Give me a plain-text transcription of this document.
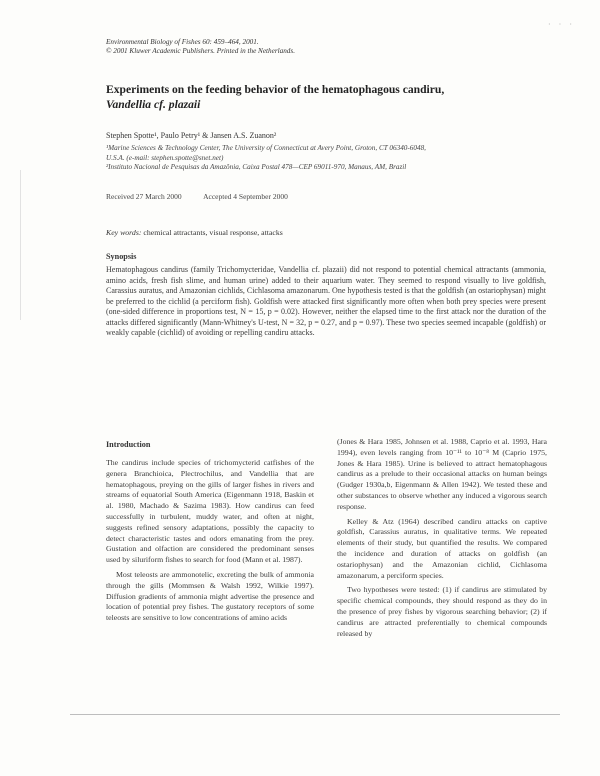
· · ·
Environmental Biology of Fishes 60: 459–464, 2001.
© 2001 Kluwer Academic Publishers. Printed in the Netherlands.
Experiments on the feeding behavior of the hematophagous candiru,
Vandellia cf. plazaii
Stephen Spotte¹, Paulo Petry¹ & Jansen A.S. Zuanon²
¹Marine Sciences & Technology Center, The University of Connecticut at Avery Point, Groton, CT 06340-6048,
U.S.A. (e-mail: stephen.spotte@snet.net)
²Instituto Nacional de Pesquisas da Amazônia, Caixa Postal 478—CEP 69011-970, Manaus, AM, Brazil
Received 27 March 2000	Accepted 4 September 2000
Key words: chemical attractants, visual response, attacks
Synopsis
Hematophagous candirus (family Trichomycteridae, Vandellia cf. plazaii) did not respond to potential chemical attractants (ammonia, amino acids, fresh fish slime, and human urine) added to their aquarium water. They seemed to respond visually to live goldfish, Carassius auratus, and Amazonian cichlids, Cichlasoma amazonarum. One hypothesis tested is that the goldfish (an ostariophysan) might be preferred to the cichlid (a perciform fish). Goldfish were attacked first significantly more often when both prey species were present (one-sided difference in proportions test, N = 15, p = 0.02). However, neither the elapsed time to the first attack nor the duration of the attacks differed significantly (Mann-Whitney's U-test, N = 32, p = 0.27, and p = 0.97). These two species seemed incapable (goldfish) or weakly capable (cichlid) of avoiding or repelling candiru attacks.
Introduction

The candirus include species of trichomycterid catfishes of the genera Branchioica, Plectrochilus, and Vandellia that are hematophagous, preying on the gills of larger fishes in rivers and streams of equatorial South America (Eigenmann 1918, Baskin et al. 1980, Machado & Sazima 1983). How candirus can feed successfully in turbulent, muddy water, and often at night, suggests refined sensory adaptations, possibly the capacity to detect characteristic tastes and odors emanating from the prey. Gustation and olfaction are considered the predominant senses used by siluriform fishes to search for food (Mann et al. 1987).

Most teleosts are ammonotelic, excreting the bulk of ammonia through the gills (Mommsen & Walsh 1992, Wilkie 1997). Diffusion gradients of ammonia might advertise the presence and location of potential prey fishes. The gustatory receptors of some teleosts are sensitive to low concentrations of amino acids

(Jones & Hara 1985, Johnsen et al. 1988, Caprio et al. 1993, Hara 1994), even levels ranging from 10⁻¹¹ to 10⁻⁸ M (Caprio 1975, Jones & Hara 1985). Urine is believed to attract hematophagous candirus as a prelude to their occasional attacks on human beings (Gudger 1930a,b, Eigenmann & Allen 1942). We tested these and other substances to observe whether any induced a vigorous search response.

Kelley & Atz (1964) described candiru attacks on captive goldfish, Carassius auratus, in qualitative terms. We repeated elements of their study, but quantified the results. We compared the incidence and duration of attacks on goldfish (an ostariophysan) and the Amazonian cichlid, Cichlasoma amazonarum, a perciform species.

Two hypotheses were tested: (1) if candirus are stimulated by specific chemical compounds, they should respond as they do in the presence of prey fishes by vigorous searching behavior; (2) if candirus are attracted preferentially to chemical compounds released by
